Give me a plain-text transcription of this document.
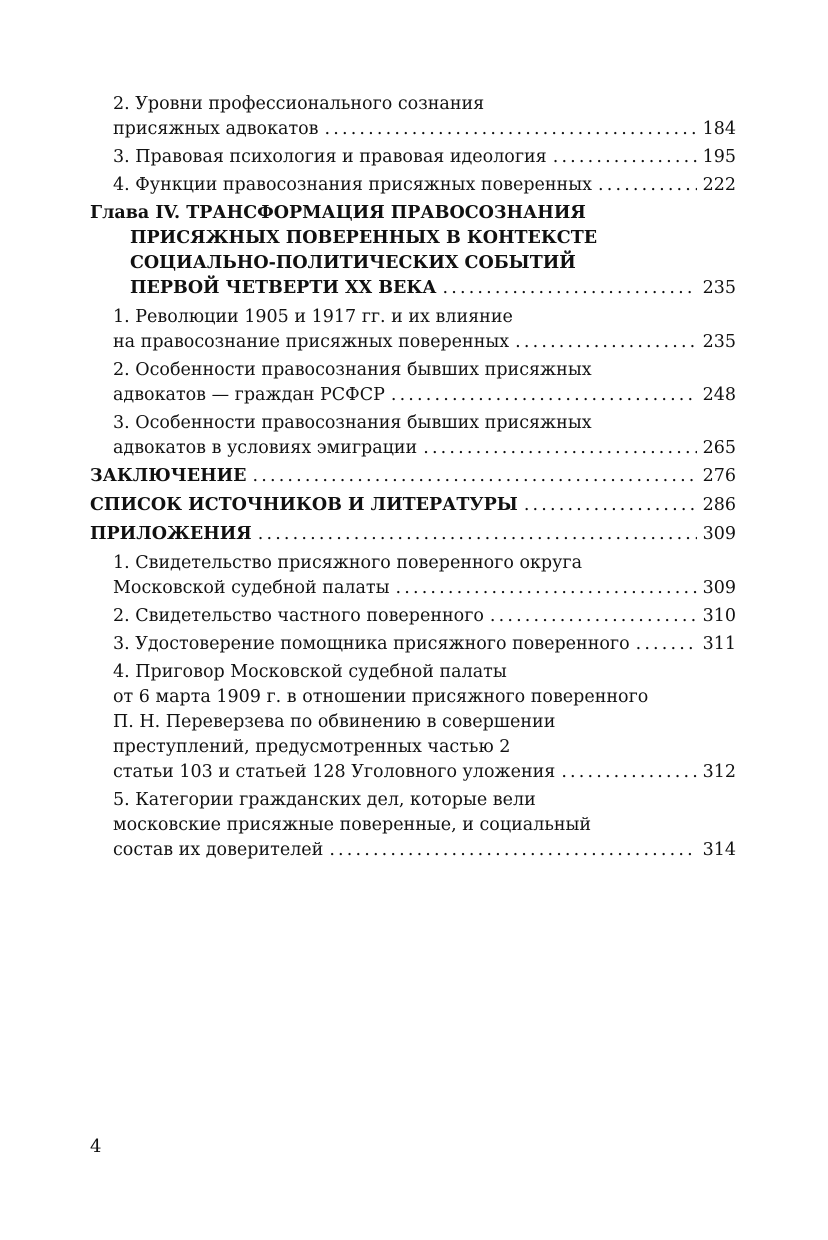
2. Уровни профессионального сознания
присяжных адвокатов . . .	184
3. Правовая психология и правовая идеология . . .	195
4. Функции правосознания присяжных поверенных . . .	222
Глава IV. ТРАНСФОРМАЦИЯ ПРАВОСОЗНАНИЯ
ПРИСЯЖНЫХ ПОВЕРЕННЫХ В КОНТЕКСТЕ
СОЦИАЛЬНО-ПОЛИТИЧЕСКИХ СОБЫТИЙ
ПЕРВОЙ ЧЕТВЕРТИ XX ВЕКА . . .	235
1. Революции 1905 и 1917 гг. и их влияние
на правосознание присяжных поверенных . . .	235
2. Особенности правосознания бывших присяжных
адвокатов — граждан РСФСР . . .	248
3. Особенности правосознания бывших присяжных
адвокатов в условиях эмиграции . . .	265
ЗАКЛЮЧЕНИЕ . . .	276
СПИСОК ИСТОЧНИКОВ И ЛИТЕРАТУРЫ . . .	286
ПРИЛОЖЕНИЯ . . .	309
1. Свидетельство присяжного поверенного округа
Московской судебной палаты . . .	309
2. Свидетельство частного поверенного . . .	310
3. Удостоверение помощника присяжного поверенного . . .	311
4. Приговор Московской судебной палаты
от 6 марта 1909 г. в отношении присяжного поверенного
П. Н. Переверзева по обвинению в совершении
преступлений, предусмотренных частью 2
статьи 103 и статьей 128 Уголовного уложения . . .	312
5. Категории гражданских дел, которые вели
московские присяжные поверенные, и социальный
состав их доверителей . . .	314
4
